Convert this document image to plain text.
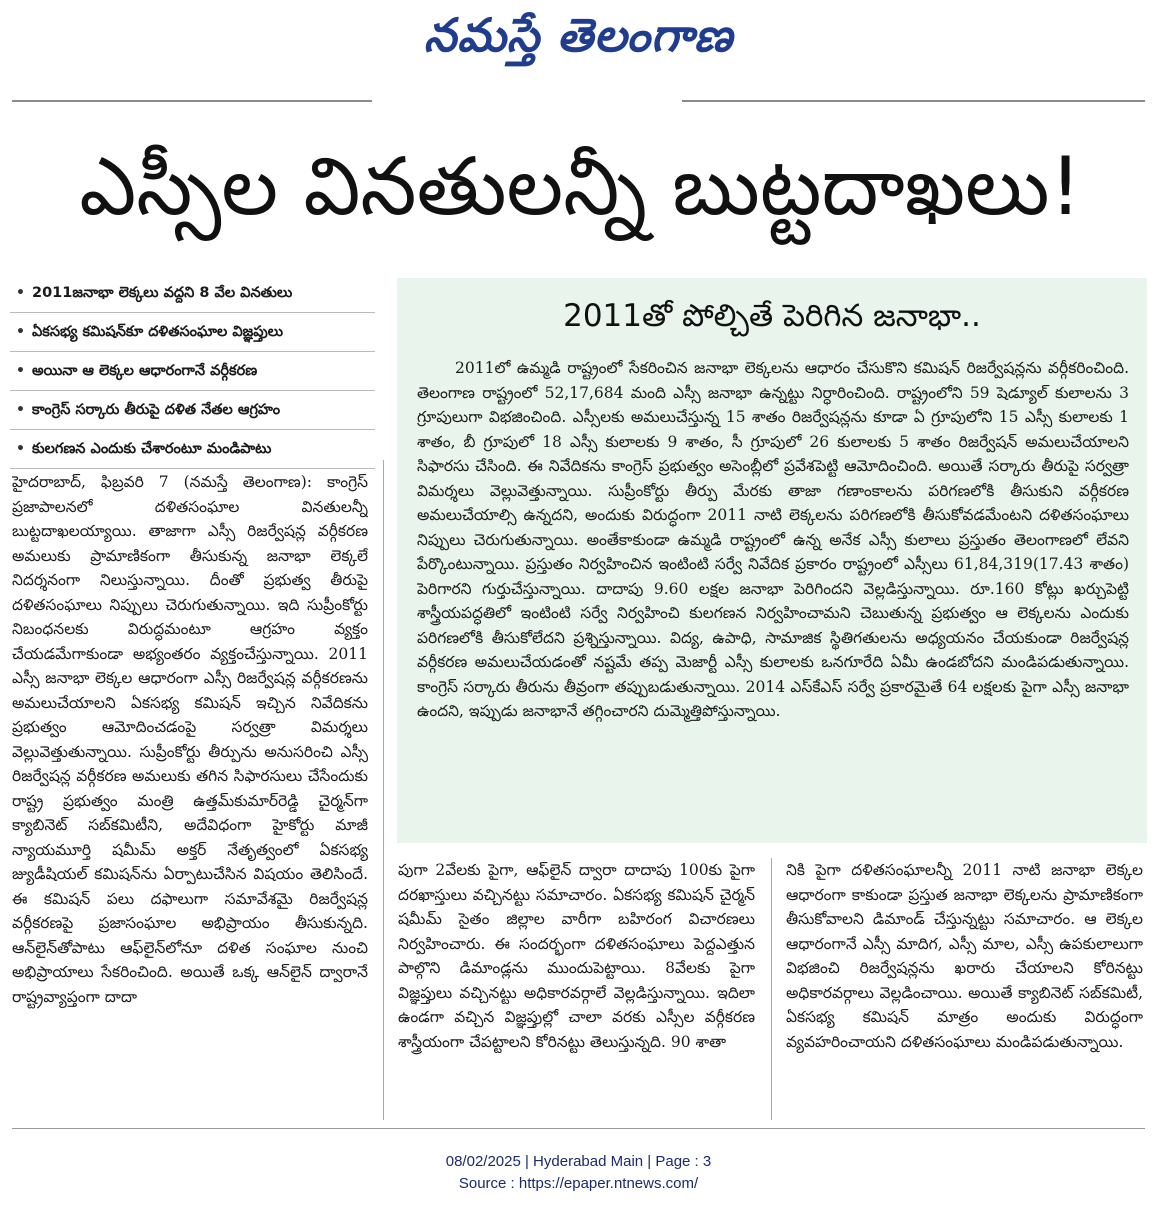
నమస్తే తెలంగాణ
ఎస్సీల వినతులన్నీ బుట్టదాఖలు!
• 2011జనాభా లెక్కలు వద్దని 8 వేల వినతులు
• ఏకసభ్య కమిషన్‌కూ దళితసంఘాల విజ్ఞప్తులు
• అయినా ఆ లెక్కల ఆధారంగానే వర్గీకరణ
• కాంగ్రెస్ సర్కారు తీరుపై దళిత నేతల ఆగ్రహం
• కులగణన ఎందుకు చేశారంటూ మండిపాటు
2011తో పోల్చితే పెరిగిన జనాభా..
2011లో ఉమ్మడి రాష్ట్రంలో సేకరించిన జనాభా లెక్కలను ఆధారం చేసుకొని కమిషన్ రిజర్వేషన్లను వర్గీకరించింది. తెలంగాణ రాష్ట్రంలో 52,17,684 మంది ఎస్సీ జనాభా ఉన్నట్టు నిర్ధారించింది. రాష్ట్రంలోని 59 షెడ్యూల్ కులాలను 3 గ్రూపులుగా విభజించింది. ఎస్సీలకు అమలుచేస్తున్న 15 శాతం రిజర్వేషన్లను కూడా ఏ గ్రూపులోని 15 ఎస్సీ కులాలకు 1 శాతం, బీ గ్రూపులో 18 ఎస్సీ కులాలకు 9 శాతం, సీ గ్రూపులో 26 కులాలకు 5 శాతం రిజర్వేషన్ అమలుచేయాలని సిఫారసు చేసింది. ఈ నివేదికను కాంగ్రెస్ ప్రభుత్వం అసెంబ్లీలో ప్రవేశపెట్టి ఆమోదించింది. అయితే సర్కారు తీరుపై సర్వత్రా విమర్శలు వెల్లువెత్తున్నాయి. సుప్రీంకోర్టు తీర్పు మేరకు తాజా గణాంకాలను పరిగణలోకి తీసుకుని వర్గీకరణ అమలుచేయాల్సి ఉన్నదని, అందుకు విరుద్ధంగా 2011 నాటి లెక్కలను పరిగణలోకి తీసుకోవడమేంటని దళితసంఘాలు నిప్పులు చెరుగుతున్నాయి. అంతేకాకుండా ఉమ్మడి రాష్ట్రంలో ఉన్న అనేక ఎస్సీ కులాలు ప్రస్తుతం తెలంగాణలో లేవని పేర్కొంటున్నాయి. ప్రస్తుతం నిర్వహించిన ఇంటింటి సర్వే నివేదిక ప్రకారం రాష్ట్రంలో ఎస్సీలు 61,84,319(17.43 శాతం) పెరిగారని గుర్తుచేస్తున్నాయి. దాదాపు 9.60 లక్షల జనాభా పెరిగిందని వెల్లడిస్తున్నాయి. రూ.160 కోట్లు ఖర్చుపెట్టి శాస్త్రీయపద్ధతిలో ఇంటింటి సర్వే నిర్వహించి కులగణన నిర్వహించామని చెబుతున్న ప్రభుత్వం ఆ లెక్కలను ఎందుకు పరిగణలోకి తీసుకోలేదని ప్రశ్నిస్తున్నాయి. విద్య, ఉపాధి, సామాజిక స్థితిగతులను అధ్యయనం చేయకుండా రిజర్వేషన్ల వర్గీకరణ అమలుచేయడంతో నష్టమే తప్ప మెజార్టీ ఎస్సీ కులాలకు ఒనగూరేది ఏమీ ఉండబోదని మండిపడుతున్నాయి. కాంగ్రెస్ సర్కారు తీరును తీవ్రంగా తప్పుబడుతున్నాయి. 2014 ఎస్‌కేఎస్ సర్వే ప్రకారమైతే 64 లక్షలకు పైగా ఎస్సీ జనాభా ఉందని, ఇప్పుడు జనాభానే తగ్గించారని దుమ్మెత్తిపోస్తున్నాయి.
హైదరాబాద్, ఫిబ్రవరి 7 (నమస్తే తెలంగాణ): కాంగ్రెస్ ప్రజాపాలనలో దళితసంఘాల వినతులన్నీ బుట్టదాఖలయ్యాయి. తాజాగా ఎస్సీ రిజర్వేషన్ల వర్గీకరణ అమలుకు ప్రామాణికంగా తీసుకున్న జనాభా లెక్కలే నిదర్శనంగా నిలుస్తున్నాయి. దీంతో ప్రభుత్వ తీరుపై దళితసంఘాలు నిప్పులు చెరుగుతున్నాయి. ఇది సుప్రీంకోర్టు నిబంధనలకు విరుద్ధమంటూ ఆగ్రహం వ్యక్తం చేయడమేగాకుండా అభ్యంతరం వ్యక్తంచేస్తున్నాయి. 2011 ఎస్సీ జనాభా లెక్కల ఆధారంగా ఎస్సీ రిజర్వేషన్ల వర్గీకరణను అమలుచేయాలని ఏకసభ్య కమిషన్ ఇచ్చిన నివేదికను ప్రభుత్వం ఆమోదించడంపై సర్వత్రా విమర్శలు వెల్లువెత్తుతున్నాయి. సుప్రీంకోర్టు తీర్పును అనుసరించి ఎస్సీ రిజర్వేషన్ల వర్గీకరణ అమలుకు తగిన సిఫారసులు చేసేందుకు రాష్ట్ర ప్రభుత్వం మంత్రి ఉత్తమ్‌కుమార్‌రెడ్డి చైర్మన్‌గా క్యాబినెట్ సబ్‌కమిటీని, అదేవిధంగా హైకోర్టు మాజీ న్యాయమూర్తి షమీమ్ అక్తర్ నేతృత్వంలో ఏకసభ్య జ్యుడీషియల్ కమిషన్‌ను ఏర్పాటుచేసిన విషయం తెలిసిందే. ఈ కమిషన్ పలు దఫాలుగా సమావేశమై రిజర్వేషన్ల వర్గీకరణపై ప్రజాసంఘాల అభిప్రాయం తీసుకున్నది. ఆన్‌లైన్‌తోపాటు ఆఫ్‌లైన్‌లోనూ దళిత సంఘాల నుంచి అభిప్రాయాలు సేకరించింది. అయితే ఒక్క ఆన్‌లైన్ ద్వారానే రాష్ట్రవ్యాప్తంగా దాదా
పుగా 2వేలకు పైగా, ఆఫ్‌లైన్ ద్వారా దాదాపు 100కు పైగా దరఖాస్తులు వచ్చినట్టు సమాచారం. ఏకసభ్య కమిషన్ చైర్మన్ షమీమ్ సైతం జిల్లాల వారీగా బహిరంగ విచారణలు నిర్వహించారు. ఈ సందర్భంగా దళితసంఘాలు పెద్దఎత్తున పాల్గొని డిమాండ్లను ముందుపెట్టాయి. 8వేలకు పైగా విజ్ఞప్తులు వచ్చినట్టు అధికారవర్గాలే వెల్లడిస్తున్నాయి. ఇదిలా ఉండగా వచ్చిన విజ్ఞప్తుల్లో చాలా వరకు ఎస్సీల వర్గీకరణ శాస్త్రీయంగా చేపట్టాలని కోరినట్టు తెలుస్తున్నది. 90 శాతా
నికి పైగా దళితసంఘాలన్నీ 2011 నాటి జనాభా లెక్కల ఆధారంగా కాకుండా ప్రస్తుత జనాభా లెక్కలను ప్రామాణికంగా తీసుకోవాలని డిమాండ్ చేస్తున్నట్టు సమాచారం. ఆ లెక్కల ఆధారంగానే ఎస్సీ మాదిగ, ఎస్సీ మాల, ఎస్సీ ఉపకులాలుగా విభజించి రిజర్వేషన్లను ఖరారు చేయాలని కోరినట్టు అధికారవర్గాలు వెల్లడించాయి. అయితే క్యాబినెట్ సబ్‌కమిటీ, ఏకసభ్య కమిషన్ మాత్రం అందుకు విరుద్ధంగా వ్యవహరించాయని దళితసంఘాలు మండిపడుతున్నాయి.
08/02/2025 | Hyderabad Main | Page : 3
Source : https://epaper.ntnews.com/
